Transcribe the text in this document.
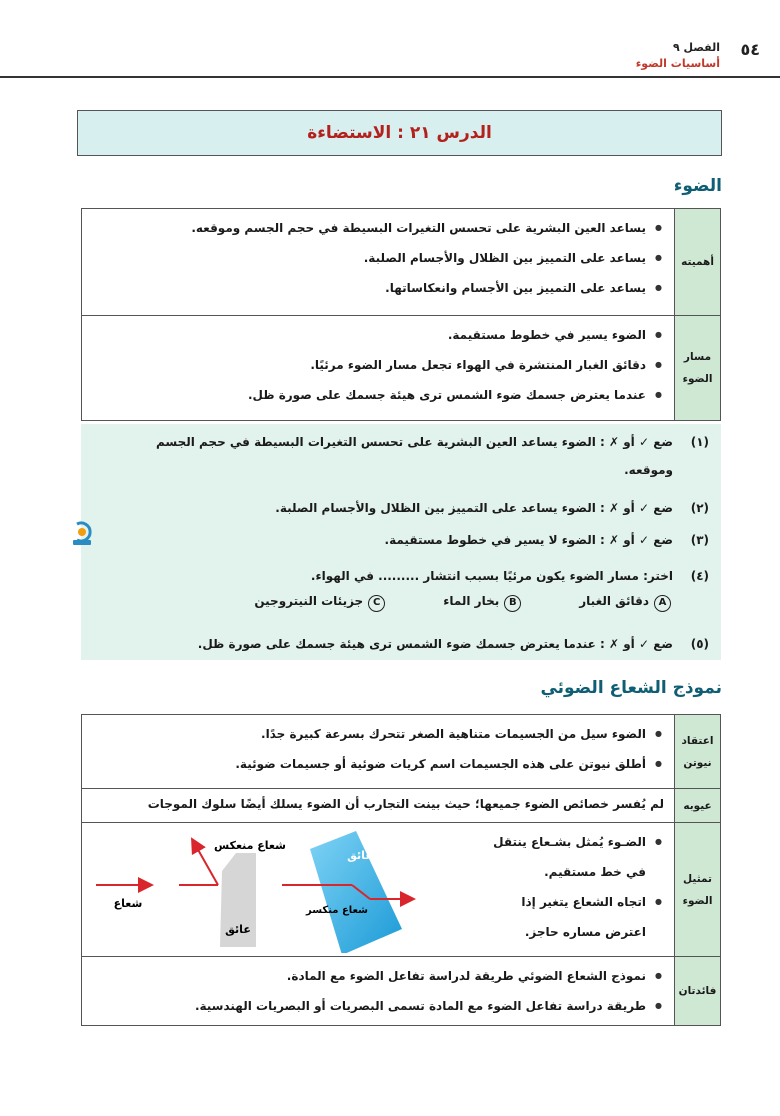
٥٤
الفصل ٩
أساسيات الضوء
الدرس ٢١ : الاستضاءة
الضوء
أهميته
● يساعد العين البشرية على تحسس التغيرات البسيطة في حجم الجسم وموقعه.
● يساعد على التمييز بين الظلال والأجسام الصلبة.
● يساعد على التمييز بين الأجسام وانعكاساتها.
مسار الضوء
● الضوء يسير في خطوط مستقيمة.
● دقائق الغبار المنتشرة في الهواء تجعل مسار الضوء مرئيًا.
● عندما يعترض جسمك ضوء الشمس ترى هيئة جسمك على صورة ظل.
(١)ضع ✓ أو ✗ : الضوء يساعد العين البشرية على تحسس التغيرات البسيطة في حجم الجسم
وموقعه.
(٢)ضع ✓ أو ✗ : الضوء يساعد على التمييز بين الظلال والأجسام الصلبة.
(٣)ضع ✓ أو ✗ : الضوء لا يسير في خطوط مستقيمة.
(٤)اختر: مسار الضوء يكون مرئيًا بسبب انتشار ......... في الهواء.
Aدقائق الغبار
Bبخار الماء
Cجزيئات النيتروجين
(٥)ضع ✓ أو ✗ : عندما يعترض جسمك ضوء الشمس ترى هيئة جسمك على صورة ظل.
نموذج الشعاع الضوئي
اعتقاد نيوتن
● الضوء سيل من الجسيمات متناهية الصغر تتحرك بسرعة كبيرة جدًا.
● أطلق نيوتن على هذه الجسيمات اسم كريات ضوئية أو جسيمات ضوئية.
عيوبه
لم يُفسر خصائص الضوء جميعها؛ حيث بينت التجارب أن الضوء يسلك أيضًا سلوك الموجات
تمثيل الضوء
● الضـوء يُمثل بشـعاع ينتقل في خط مستقيم.
● اتجاه الشعاع يتغير إذا اعترض مساره حاجز.
شعاع منعكس
شعاع
عائق
عائق
شعاع منكسر
فائدتان
● نموذج الشعاع الضوئي طريقة لدراسة تفاعل الضوء مع المادة.
● طريقة دراسة تفاعل الضوء مع المادة تسمى البصريات أو البصريات الهندسية.
